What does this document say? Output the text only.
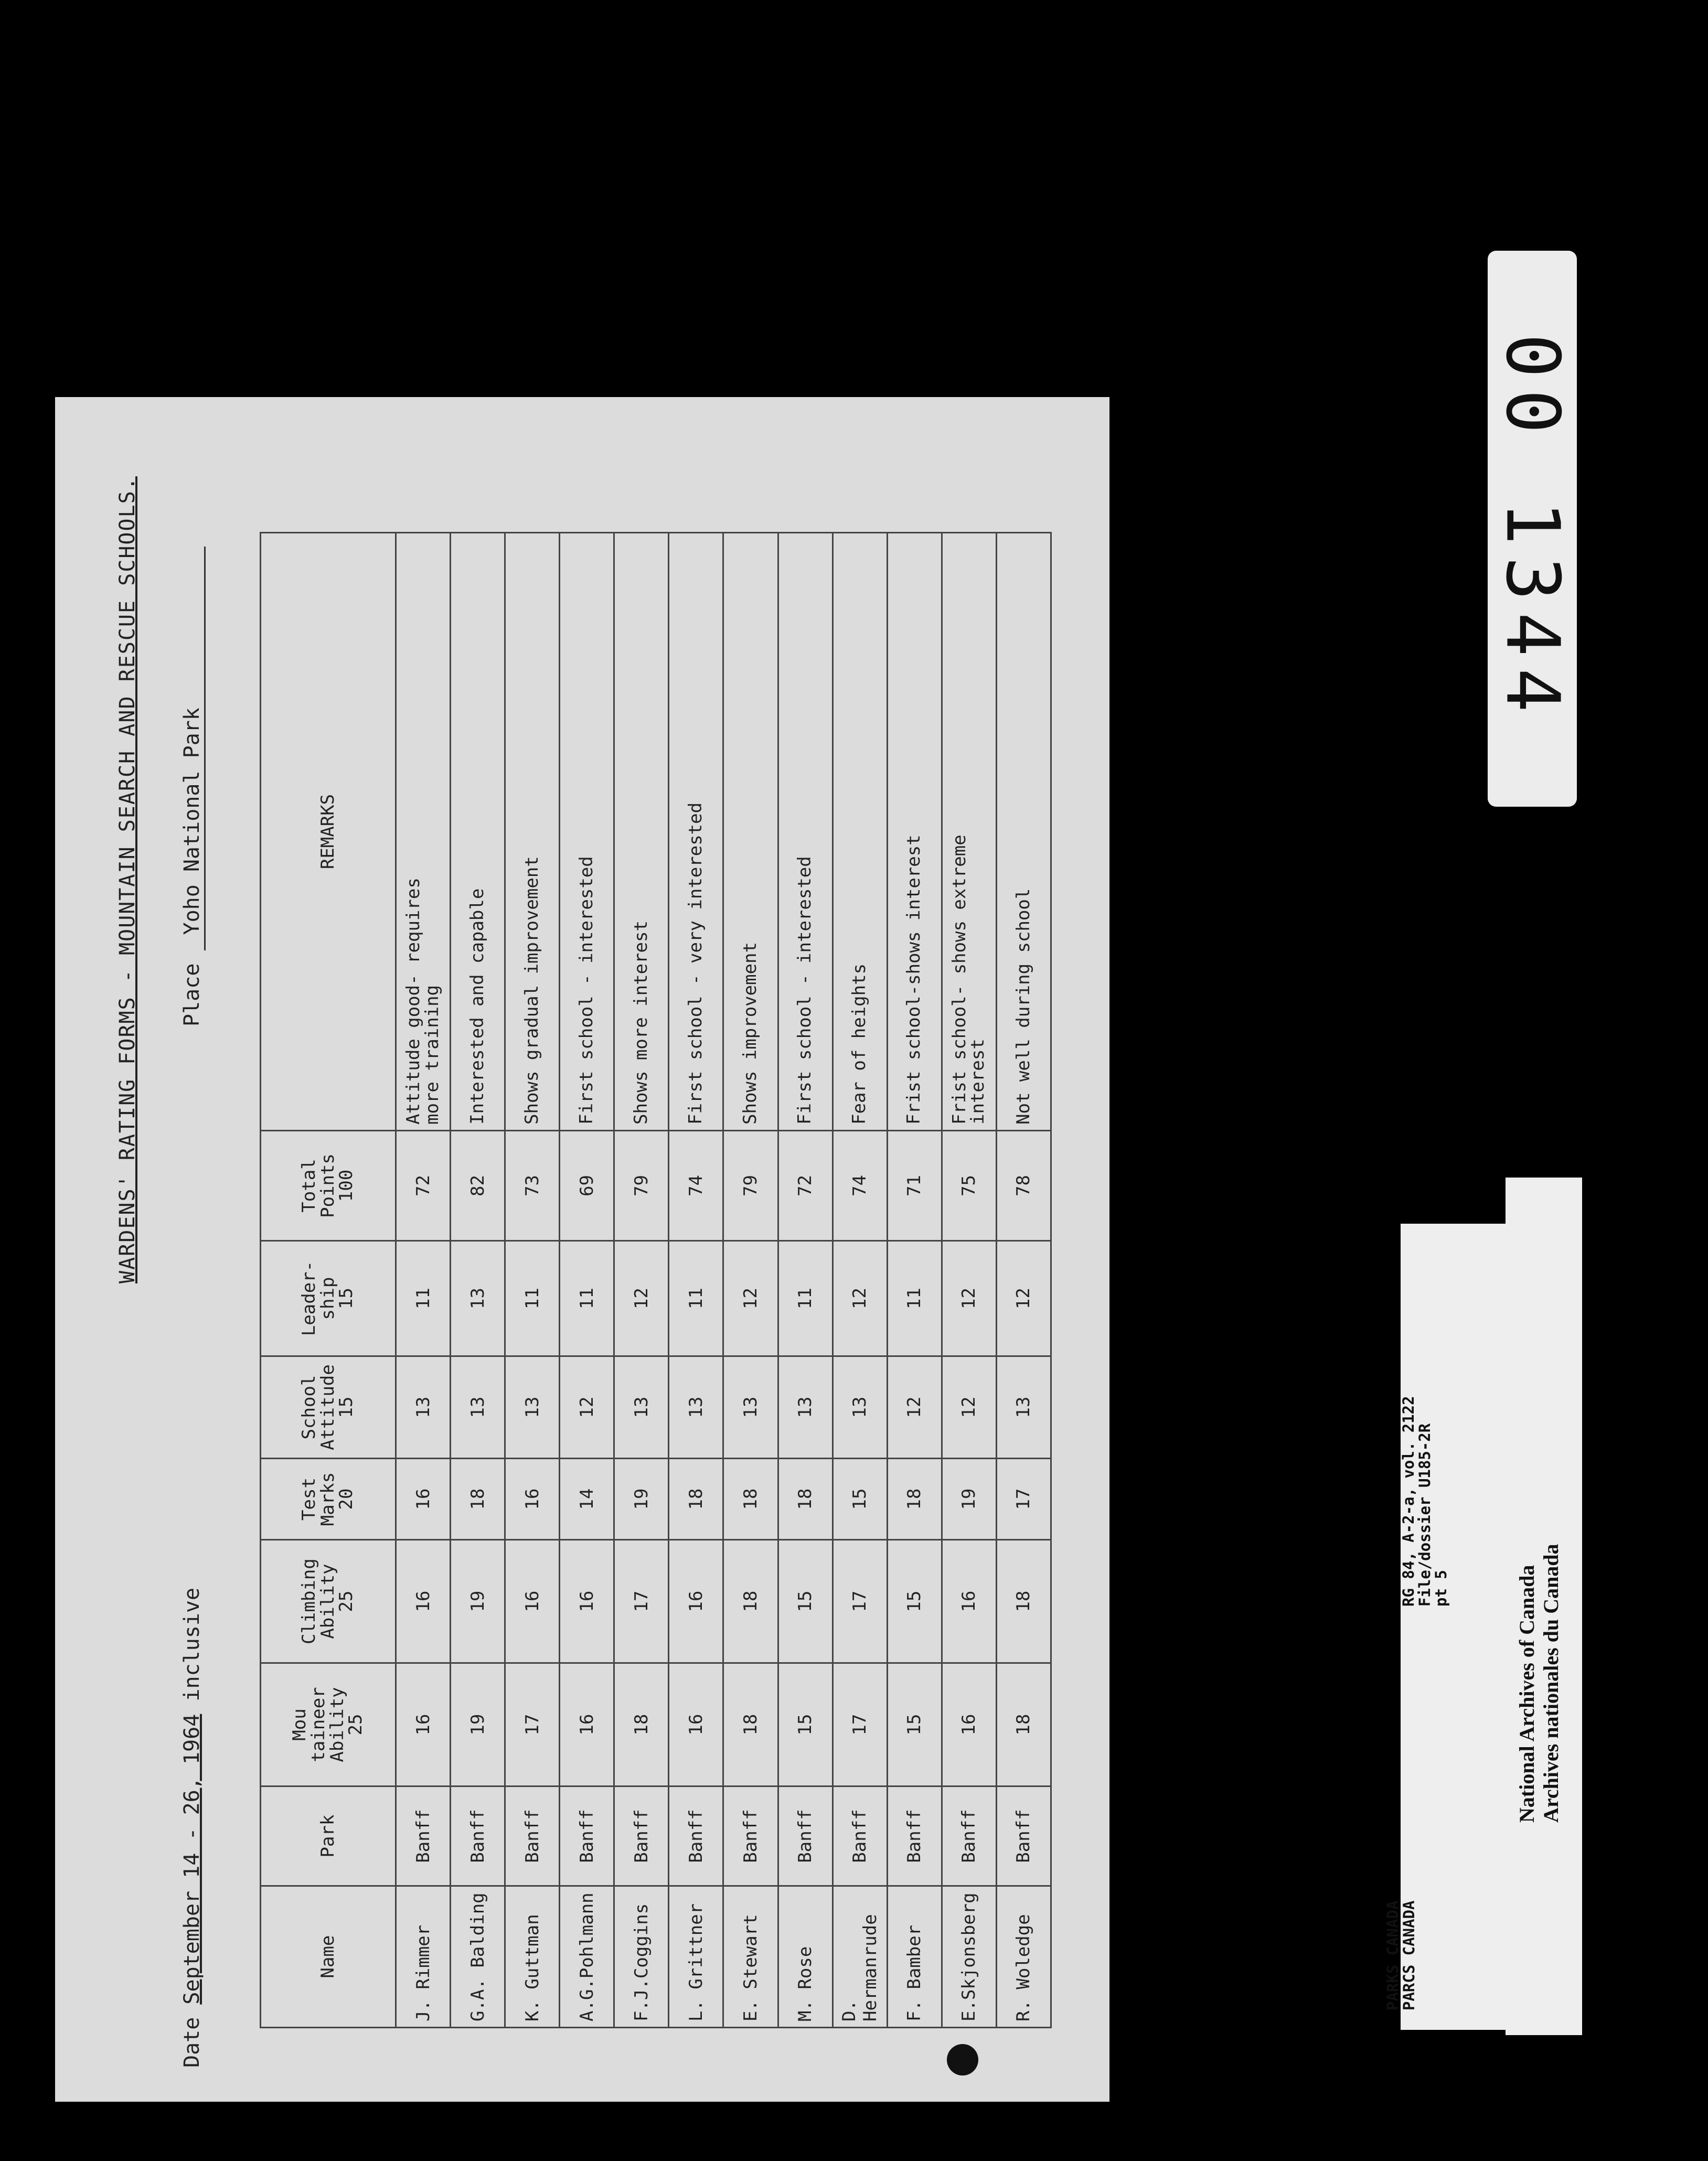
WARDENS' RATING FORMS - MOUNTAIN SEARCH AND RESCUE SCHOOLS.
Date September 14 - 26, 1964 inclusive
Place Yoho National Park
Name	Park	Mou taineer
Ability
25	Climbing
Ability
25	Test
Marks
20	School
Attitude
15	Leader-
ship
15	Total
Points
100	REMARKS
J. Rimmer	Banff	16	16	16	13	11	72	Attitude good- requires
more training
G.A. Balding	Banff	19	19	18	13	13	82	Interested and capable
K. Guttman	Banff	17	16	16	13	11	73	Shows gradual improvement
A.G.Pohlmann	Banff	16	16	14	12	11	69	First school - interested
F.J.Coggins	Banff	18	17	19	13	12	79	Shows more interest
L. Grittner	Banff	16	16	18	13	11	74	First school - very interested
E. Stewart	Banff	18	18	18	13	12	79	Shows improvement
M. Rose	Banff	15	15	18	13	11	72	First school - interested
D. Hermanrude	Banff	17	17	15	13	12	74	Fear of heights
F. Bamber	Banff	15	15	18	12	11	71	Frist school-shows interest
E.Skjonsberg	Banff	16	16	19	12	12	75	Frist school- shows extreme
interest
R. Woledge	Banff	18	18	17	13	12	78	Not well during school
00 1344
PARKS CANADA
PARCS CANADA
RG 84, A-2-a, vol. 2122
File/dossier U185-2R
pt 5	National Archives of Canada Archives nationales du Canada
